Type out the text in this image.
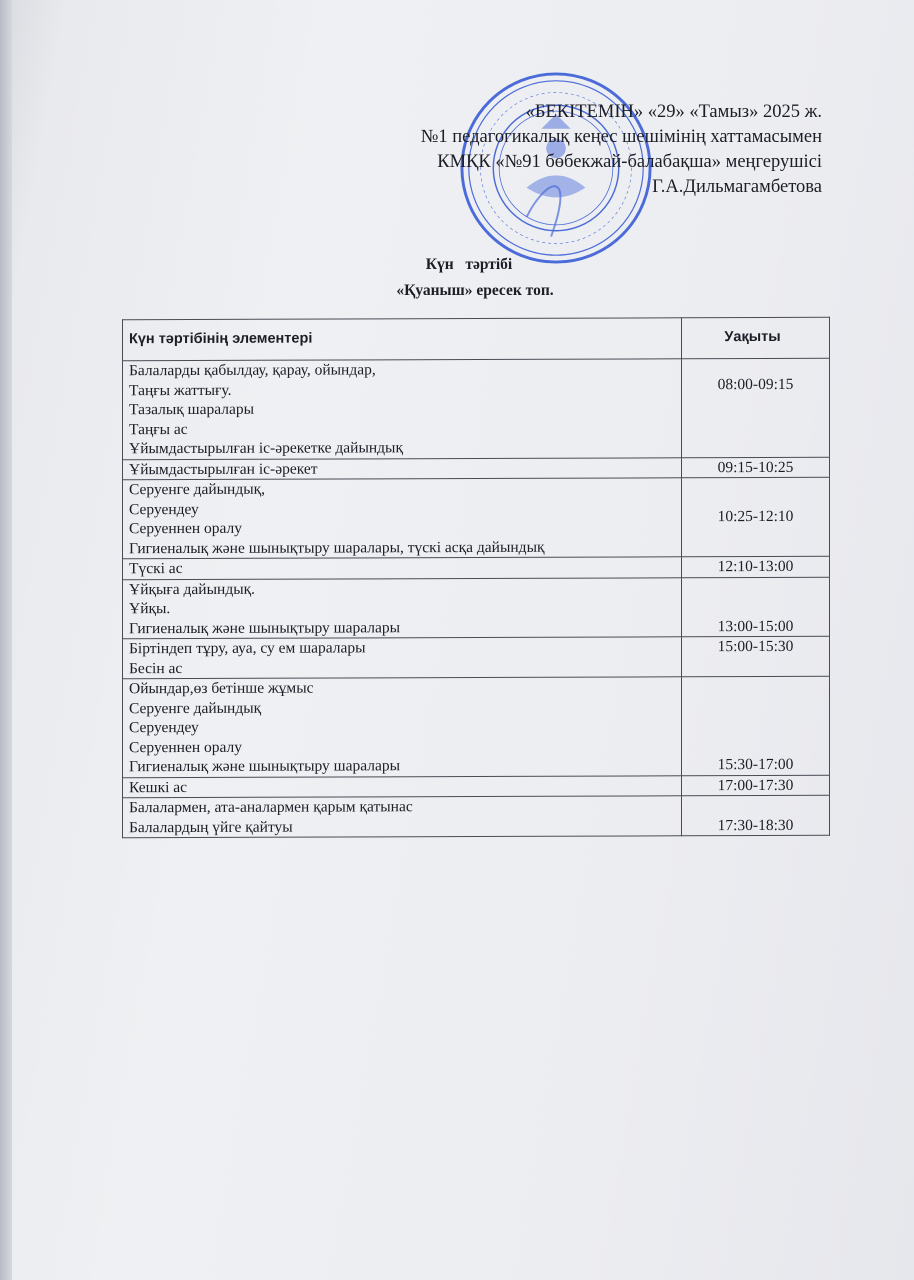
«БЕКІТЕМІН» «29» «Тамыз» 2025 ж.
№1 педагогикалық кеңес шешімінің хаттамасымен
КМҚК «№91 бөбекжай-балабақша» меңгерушісі
Г.А.Дильмагамбетова
Күн   тәртібі
«Қуаныш» ересек топ.
Күн тәртібінің элементері	Уақыты

Балаларды қабылдау, қарау, ойындар,
Таңғы жаттығу.
Тазалық шаралары
Таңғы ас
Ұйымдастырылған іс-әрекетке дайындық	08:00-09:15

Ұйымдастырылған іс-әрекет	09:15-10:25

Серуенге дайындық,
Серуендеу
Серуеннен оралу
Гигиеналық және шынықтыру шаралары, түскі асқа дайындық	10:25-12:10

Түскі ас	12:10-13:00

Ұйқыға дайындық.
Ұйқы.
Гигиеналық және шынықтыру шаралары	13:00-15:00

Біртіндеп тұру, ауа, су ем шаралары
Бесін ас	15:00-15:30

Ойындар,өз бетінше жұмыс
Серуенге дайындық
Серуендеу
Серуеннен оралу
Гигиеналық және шынықтыру шаралары	15:30-17:00

Кешкі ас	17:00-17:30

Балалармен, ата-аналармен қарым қатынас
Балалардың үйге қайтуы	17:30-18:30
